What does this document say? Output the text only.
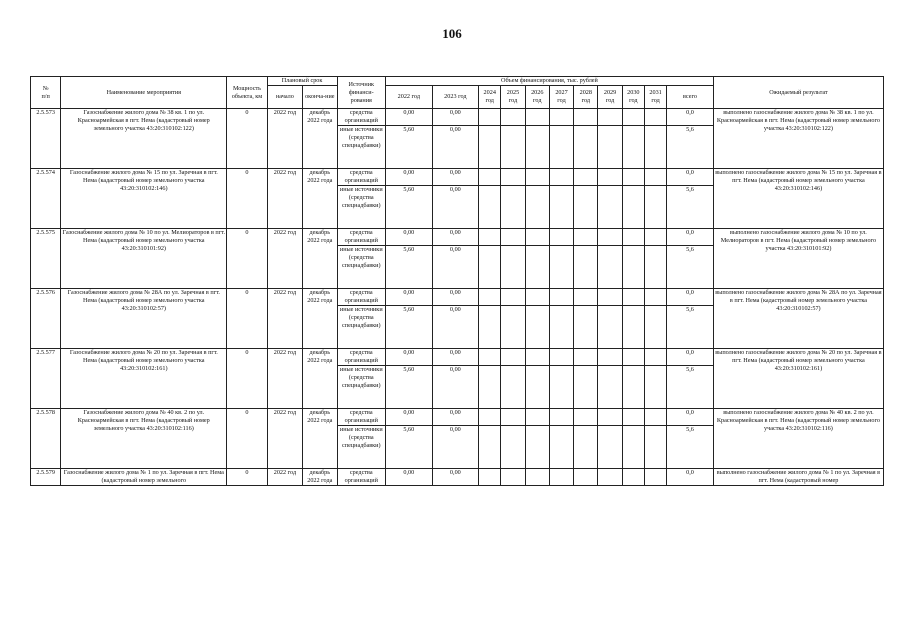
106
№
п/п	Наименование мероприятия	Мощность объекта, км	Плановый срок		Источник финанси-рования	Объем финансирования, тыс. рублей											Ожидаемый результат
			начало	оконча-ние		2022 год	2023 год	2024 год	2025 год	2026 год	2027 год	2028 год	2029 год	2030 год	2031 год	всего	
2.5.573	Газоснабжение жилого дома № 38 кв. 1 по ул. Красноармейская в пгт. Нема (кадастровый номер земельного участка 43:20:310102:122)	0	2022 год	декабрь 2022 года	средства организаций	0,00	0,00									0,0	выполнено газоснабжение жилого дома № 38 кв. 1 по ул. Красноармейская в пгт. Нема (кадастровый номер земельного участка 43:20:310102:122)
					иные источники (средства спецнадбавки)	5,60	0,00									5,6	
2.5.574	Газоснабжение жилого дома № 15 по ул. Заречная в пгт. Нема (кадастровый номер земельного участка 43:20:310102:146)	0	2022 год	декабрь 2022 года	средства организаций	0,00	0,00									0,0	выполнено газоснабжение жилого дома № 15 по ул. Заречная в пгт. Нема (кадастровый номер земельного участка 43:20:310102:146)
					иные источники (средства спецнадбавки)	5,60	0,00									5,6	
2.5.575	Газоснабжение жилого дома № 10 по ул. Мелиораторов в пгт. Нема (кадастровый номер земельного участка 43:20:310101:92)	0	2022 год	декабрь 2022 года	средства организаций	0,00	0,00									0,0	выполнено газоснабжение жилого дома № 10 по ул. Мелиораторов в пгт. Нема (кадастровый номер земельного участка 43:20:310101:92)
					иные источники (средства спецнадбавки)	5,60	0,00									5,6	
2.5.576	Газоснабжение жилого дома № 28А по ул. Заречная в пгт. Нема (кадастровый номер земельного участка 43:20:310102:57)	0	2022 год	декабрь 2022 года	средства организаций	0,00	0,00									0,0	выполнено газоснабжение жилого дома № 28А по ул. Заречная в пгт. Нема (кадастровый номер земельного участка 43:20:310102:57)
					иные источники (средства спецнадбавки)	5,60	0,00									5,6	
2.5.577	Газоснабжение жилого дома № 20 по ул. Заречная в пгт. Нема (кадастровый номер земельного участка 43:20:310102:161)	0	2022 год	декабрь 2022 года	средства организаций	0,00	0,00									0,0	выполнено газоснабжение жилого дома № 20 по ул. Заречная в пгт. Нема (кадастровый номер земельного участка 43:20:310102:161)
					иные источники (средства спецнадбавки)	5,60	0,00									5,6	
2.5.578	Газоснабжение жилого дома № 40 кв. 2 по ул. Красноармейская в пгт. Нема (кадастровый номер земельного участка 43:20:310102:116)	0	2022 год	декабрь 2022 года	средства организаций	0,00	0,00									0,0	выполнено газоснабжение жилого дома № 40 кв. 2 по ул. Красноармейская в пгт. Нема (кадастровый номер земельного участка 43:20:310102:116)
					иные источники (средства спецнадбавки)	5,60	0,00									5,6	
2.5.579	Газоснабжение жилого дома № 1 по ул. Заречная в пгт. Нема (кадастровый номер земельного	0	2022 год	декабрь 2022 года	средства организаций	0,00	0,00									0,0	выполнено газоснабжение жилого дома № 1 по ул. Заречная в пгт. Нема (кадастровый номер
